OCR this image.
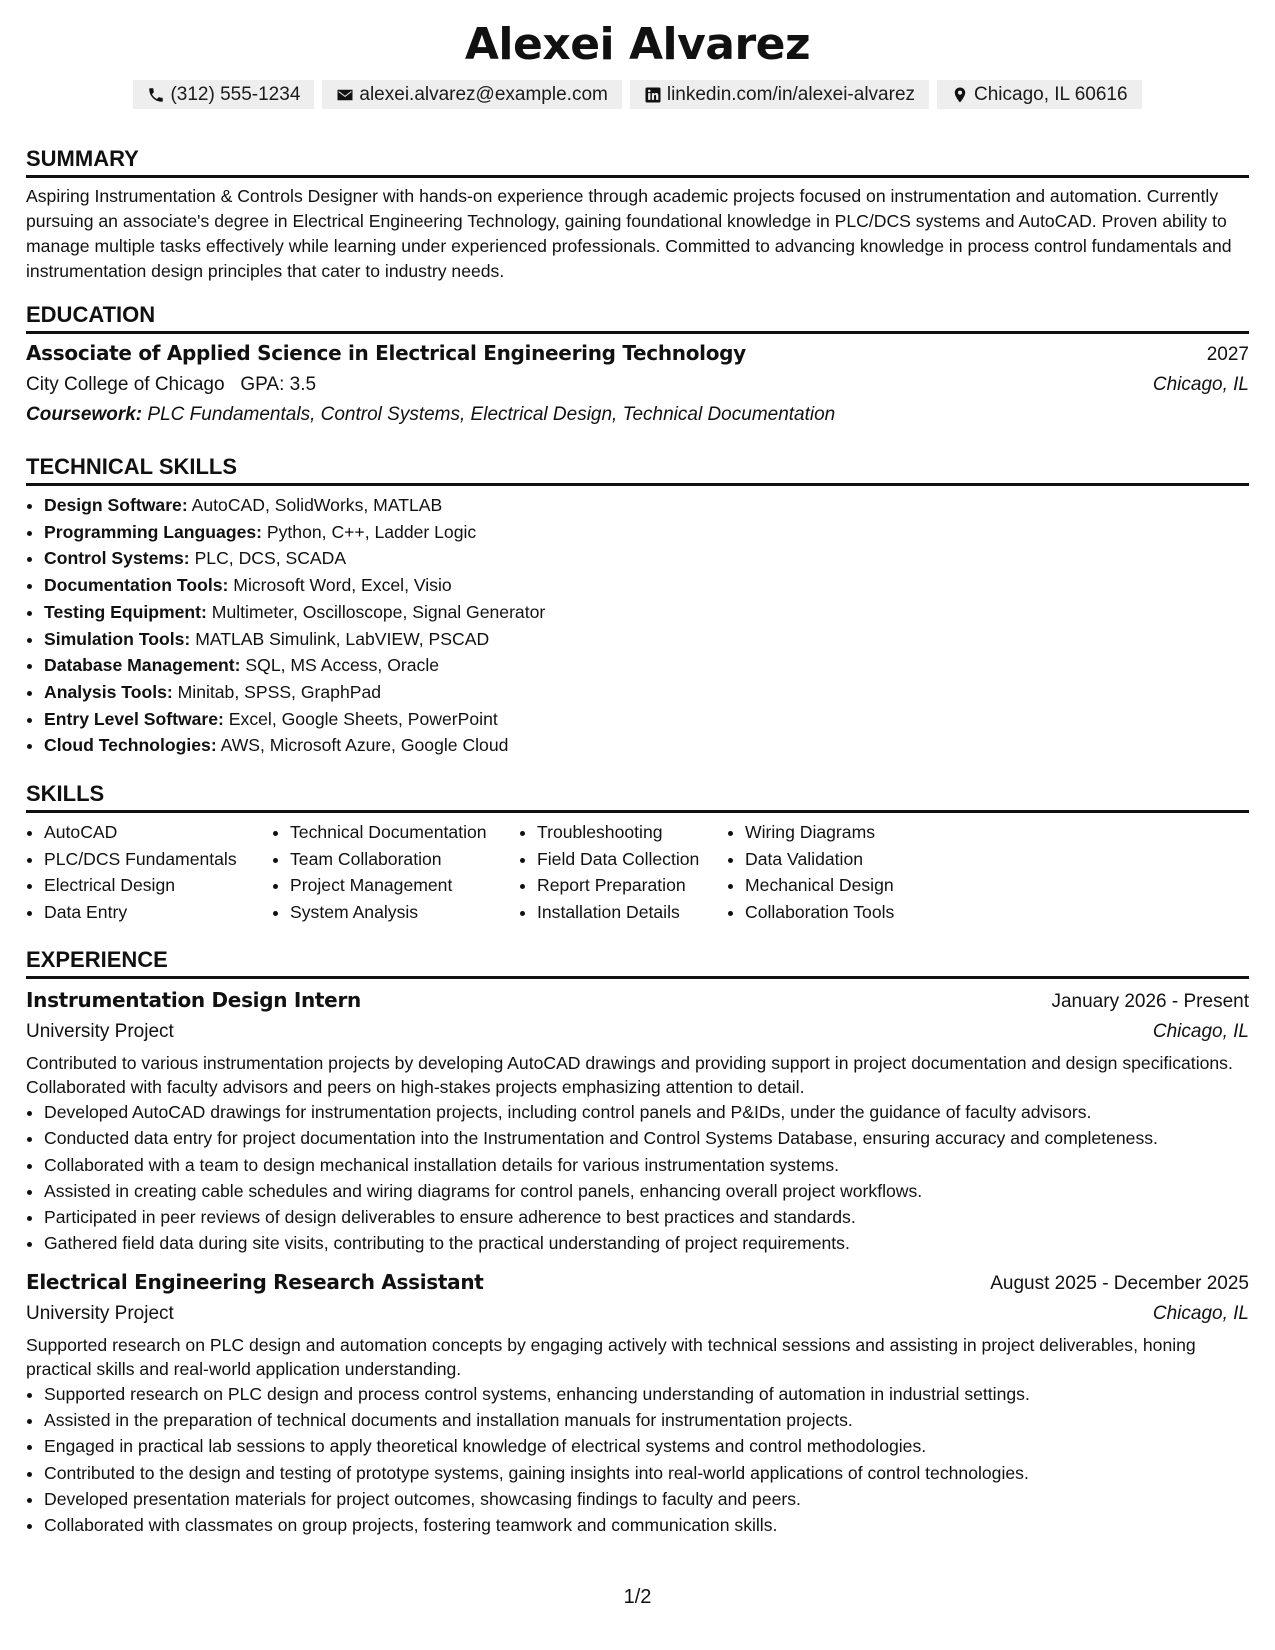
Alexei Alvarez
(312) 555-1234	alexei.alvarez@example.com	linkedin.com/in/alexei-alvarez	Chicago, IL 60616
SUMMARY

Aspiring Instrumentation & Controls Designer with hands-on experience through academic projects focused on instrumentation and automation. Currently pursuing an associate's degree in Electrical Engineering Technology, gaining foundational knowledge in PLC/DCS systems and AutoCAD. Proven ability to manage multiple tasks effectively while learning under experienced professionals. Committed to advancing knowledge in process control fundamentals and instrumentation design principles that cater to industry needs.

EDUCATION
Associate of Applied Science in Electrical Engineering Technology	2027
City College of Chicago GPA: 3.5	Chicago, IL
Coursework: PLC Fundamentals, Control Systems, Electrical Design, Technical Documentation
TECHNICAL SKILLS
• Design Software: AutoCAD, SolidWorks, MATLAB
• Programming Languages: Python, C++, Ladder Logic
• Control Systems: PLC, DCS, SCADA
• Documentation Tools: Microsoft Word, Excel, Visio
• Testing Equipment: Multimeter, Oscilloscope, Signal Generator
• Simulation Tools: MATLAB Simulink, LabVIEW, PSCAD
• Database Management: SQL, MS Access, Oracle
• Analysis Tools: Minitab, SPSS, GraphPad
• Entry Level Software: Excel, Google Sheets, PowerPoint
• Cloud Technologies: AWS, Microsoft Azure, Google Cloud
SKILLS
• AutoCAD
• PLC/DCS Fundamentals
• Electrical Design
• Data Entry
• Technical Documentation
• Team Collaboration
• Project Management
• System Analysis
• Troubleshooting
• Field Data Collection
• Report Preparation
• Installation Details
• Wiring Diagrams
• Data Validation
• Mechanical Design
• Collaboration Tools
EXPERIENCE
Instrumentation Design Intern	January 2026 - Present
University Project	Chicago, IL

Contributed to various instrumentation projects by developing AutoCAD drawings and providing support in project documentation and design specifications. Collaborated with faculty advisors and peers on high-stakes projects emphasizing attention to detail.

• Developed AutoCAD drawings for instrumentation projects, including control panels and P&IDs, under the guidance of faculty advisors.
• Conducted data entry for project documentation into the Instrumentation and Control Systems Database, ensuring accuracy and completeness.
• Collaborated with a team to design mechanical installation details for various instrumentation systems.
• Assisted in creating cable schedules and wiring diagrams for control panels, enhancing overall project workflows.
• Participated in peer reviews of design deliverables to ensure adherence to best practices and standards.
• Gathered field data during site visits, contributing to the practical understanding of project requirements.
Electrical Engineering Research Assistant	August 2025 - December 2025
University Project	Chicago, IL

Supported research on PLC design and automation concepts by engaging actively with technical sessions and assisting in project deliverables, honing practical skills and real-world application understanding.

• Supported research on PLC design and process control systems, enhancing understanding of automation in industrial settings.
• Assisted in the preparation of technical documents and installation manuals for instrumentation projects.
• Engaged in practical lab sessions to apply theoretical knowledge of electrical systems and control methodologies.
• Contributed to the design and testing of prototype systems, gaining insights into real-world applications of control technologies.
• Developed presentation materials for project outcomes, showcasing findings to faculty and peers.
• Collaborated with classmates on group projects, fostering teamwork and communication skills.
1/2
